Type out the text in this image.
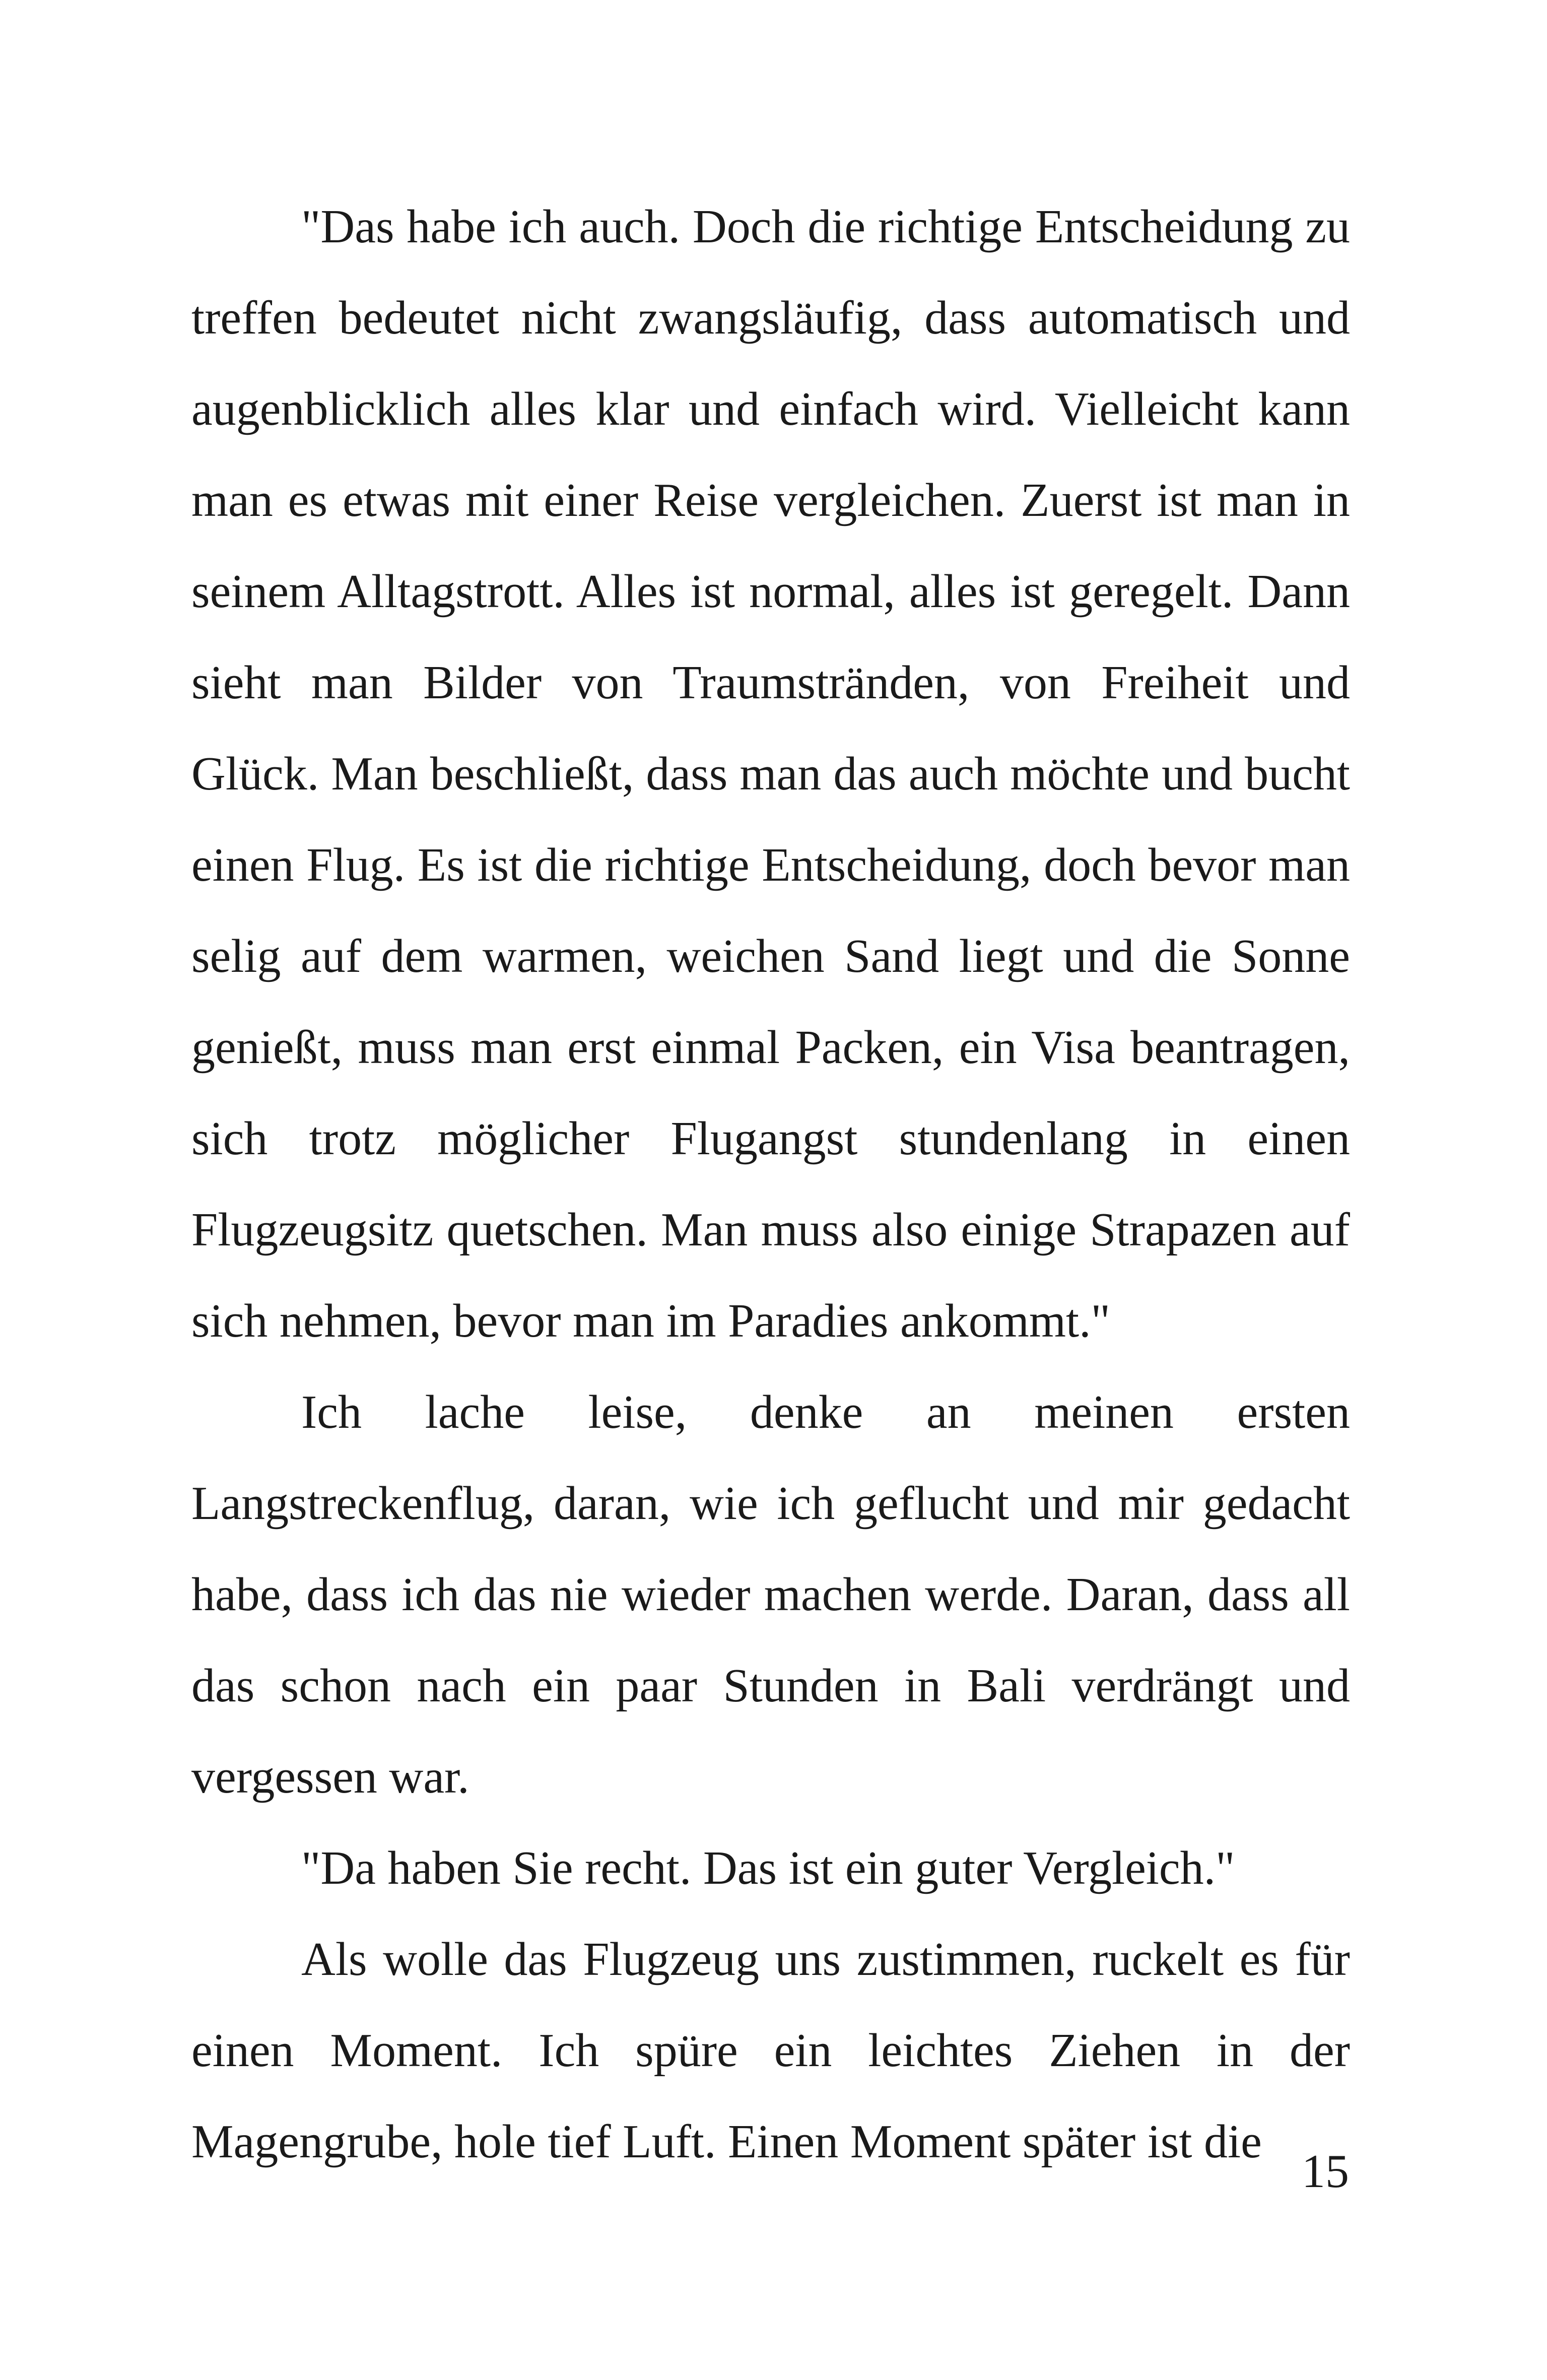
"Das habe ich auch. Doch die richtige Entscheidung zu treffen bedeutet nicht zwangsläufig, dass automatisch und augenblicklich alles klar und einfach wird. Vielleicht kann man es etwas mit einer Reise vergleichen. Zuerst ist man in seinem Alltagstrott. Alles ist normal, alles ist geregelt. Dann sieht man Bilder von Traumstränden, von Freiheit und Glück. Man beschließt, dass man das auch möchte und bucht einen Flug. Es ist die richtige Entscheidung, doch bevor man selig auf dem warmen, weichen Sand liegt und die Sonne genießt, muss man erst einmal Packen, ein Visa beantragen, sich trotz möglicher Flugangst stundenlang in einen Flugzeugsitz quetschen. Man muss also einige Strapazen auf sich nehmen, bevor man im Paradies ankommt."

Ich lache leise, denke an meinen ersten Langstreckenflug, daran, wie ich geflucht und mir gedacht habe, dass ich das nie wieder machen werde. Daran, dass all das schon nach ein paar Stunden in Bali verdrängt und vergessen war.

"Da haben Sie recht. Das ist ein guter Vergleich."

Als wolle das Flugzeug uns zustimmen, ruckelt es für einen Moment. Ich spüre ein leichtes Ziehen in der Magengrube, hole tief Luft. Einen Moment später ist die

15
